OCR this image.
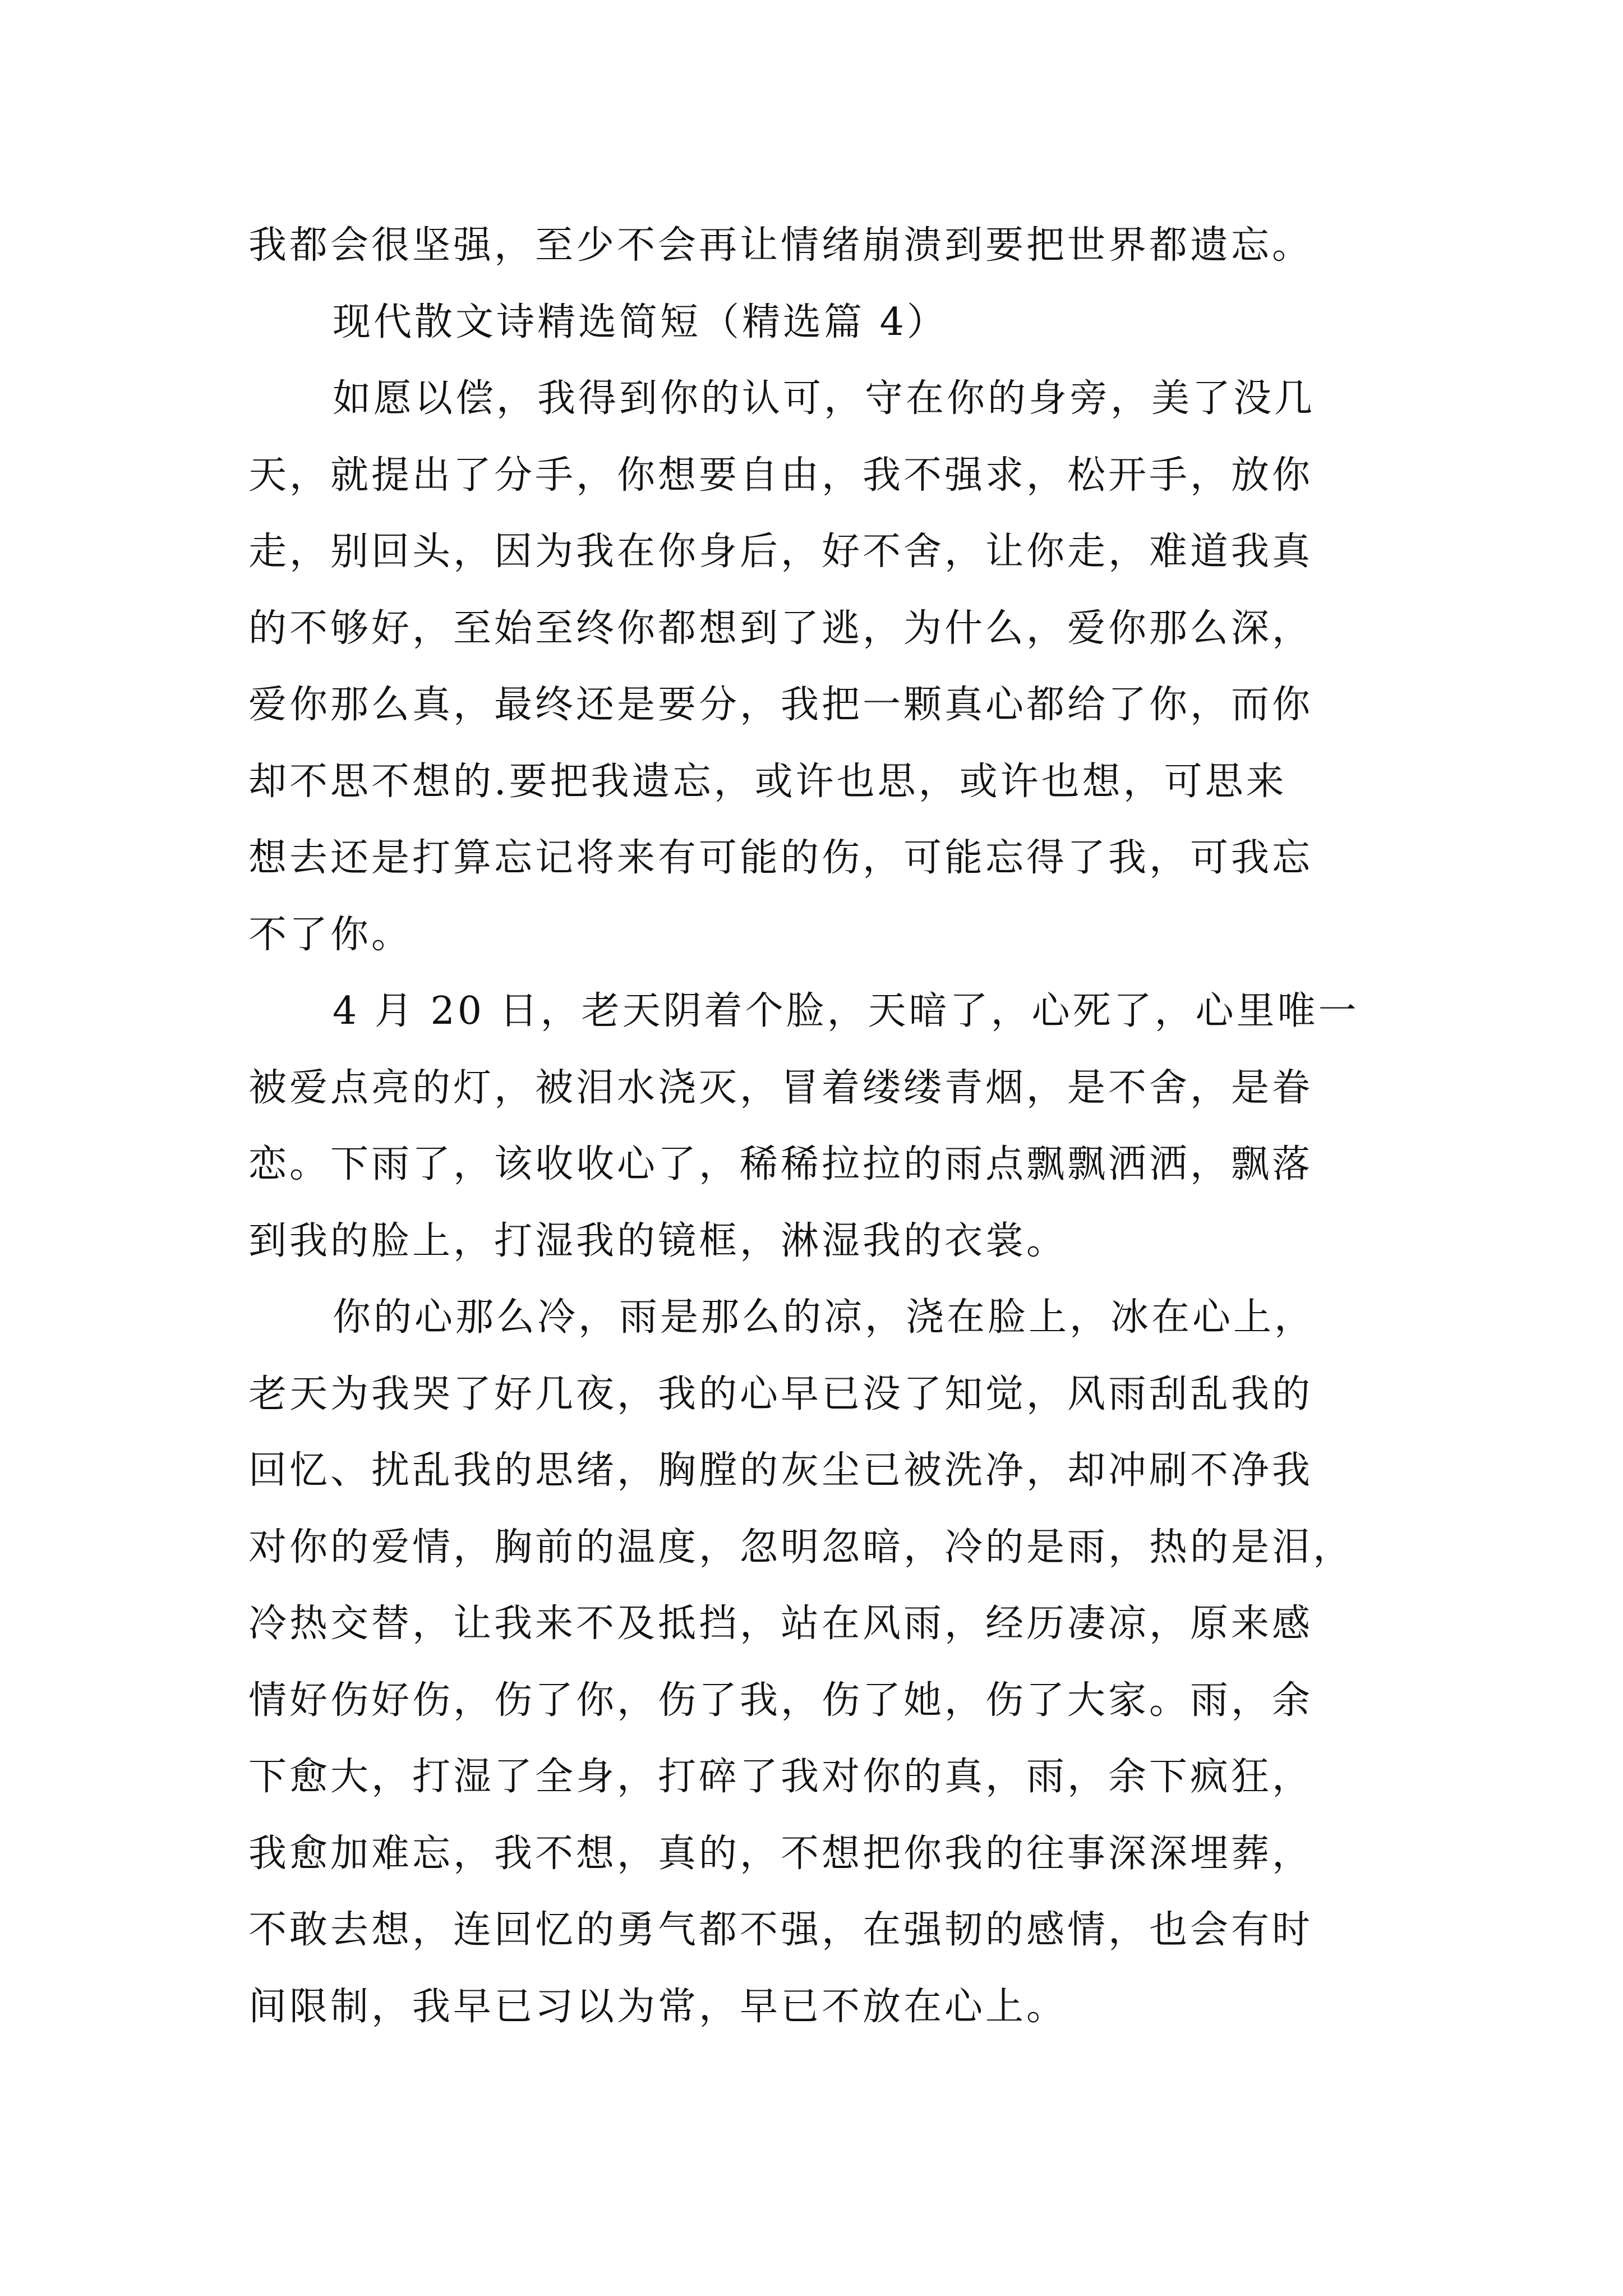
我都会很坚强，至少不会再让情绪崩溃到要把世界都遗忘。
现代散文诗精选简短（精选篇 4）
如愿以偿，我得到你的认可，守在你的身旁，美了没几
天，就提出了分手，你想要自由，我不强求，松开手，放你
走，别回头，因为我在你身后，好不舍，让你走，难道我真
的不够好，至始至终你都想到了逃，为什么，爱你那么深，
爱你那么真，最终还是要分，我把一颗真心都给了你，而你
却不思不想的.要把我遗忘，或许也思，或许也想，可思来
想去还是打算忘记将来有可能的伤，可能忘得了我，可我忘
不了你。
4 月 20 日，老天阴着个脸，天暗了，心死了，心里唯一
被爱点亮的灯，被泪水浇灭，冒着缕缕青烟，是不舍，是眷
恋。下雨了，该收收心了，稀稀拉拉的雨点飘飘洒洒，飘落
到我的脸上，打湿我的镜框，淋湿我的衣裳。
你的心那么冷，雨是那么的凉，浇在脸上，冰在心上，
老天为我哭了好几夜，我的心早已没了知觉，风雨刮乱我的
回忆、扰乱我的思绪，胸膛的灰尘已被洗净，却冲刷不净我
对你的爱情，胸前的温度，忽明忽暗，冷的是雨，热的是泪，
冷热交替，让我来不及抵挡，站在风雨，经历凄凉，原来感
情好伤好伤，伤了你，伤了我，伤了她，伤了大家。雨，余
下愈大，打湿了全身，打碎了我对你的真，雨，余下疯狂，
我愈加难忘，我不想，真的，不想把你我的往事深深埋葬，
不敢去想，连回忆的勇气都不强，在强韧的感情，也会有时
间限制，我早已习以为常，早已不放在心上。
